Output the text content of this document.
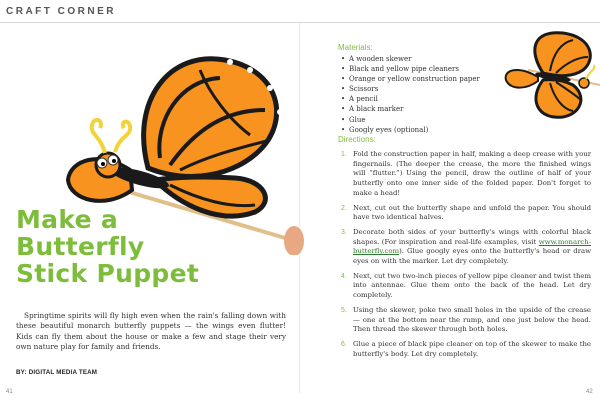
CRAFT CORNER
Make a
Butterfly
Stick Puppet

Springtime spirits will fly high even when the rain's falling down with these beautiful monarch butterfly puppets — the wings even flutter! Kids can fly them about the house or make a few and stage their very own nature play for family and friends.

BY: DIGITAL MEDIA TEAM
Materials:
• A wooden skewer
• Black and yellow pipe cleaners
• Orange or yellow construction paper
• Scissors
• A pencil
• A black marker
• Glue
• Googly eyes (optional)
Directions:
1. Fold the construction paper in half, making a deep crease with your fingernails. (The deeper the crease, the more the finished wings will “flutter.”) Using the pencil, draw the outline of half of your butterfly onto one inner side of the folded paper. Don't forget to make a head!
2. Next, cut out the butterfly shape and unfold the paper. You should have two identical halves.
3. Decorate both sides of your butterfly's wings with colorful black shapes. (For inspiration and real-life examples, visit www.monarch-butterfly.com). Glue googly eyes onto the butterfly's head or draw eyes on with the marker. Let dry completely.
4. Next, cut two two-inch pieces of yellow pipe cleaner and twist them into antennae. Glue them onto the back of the head. Let dry completely.
5. Using the skewer, poke two small holes in the upside of the crease — one at the bottom near the rump, and one just below the head. Then thread the skewer through both holes.
6. Glue a piece of black pipe cleaner on top of the skewer to make the butterfly's body. Let dry completely.
41	42
